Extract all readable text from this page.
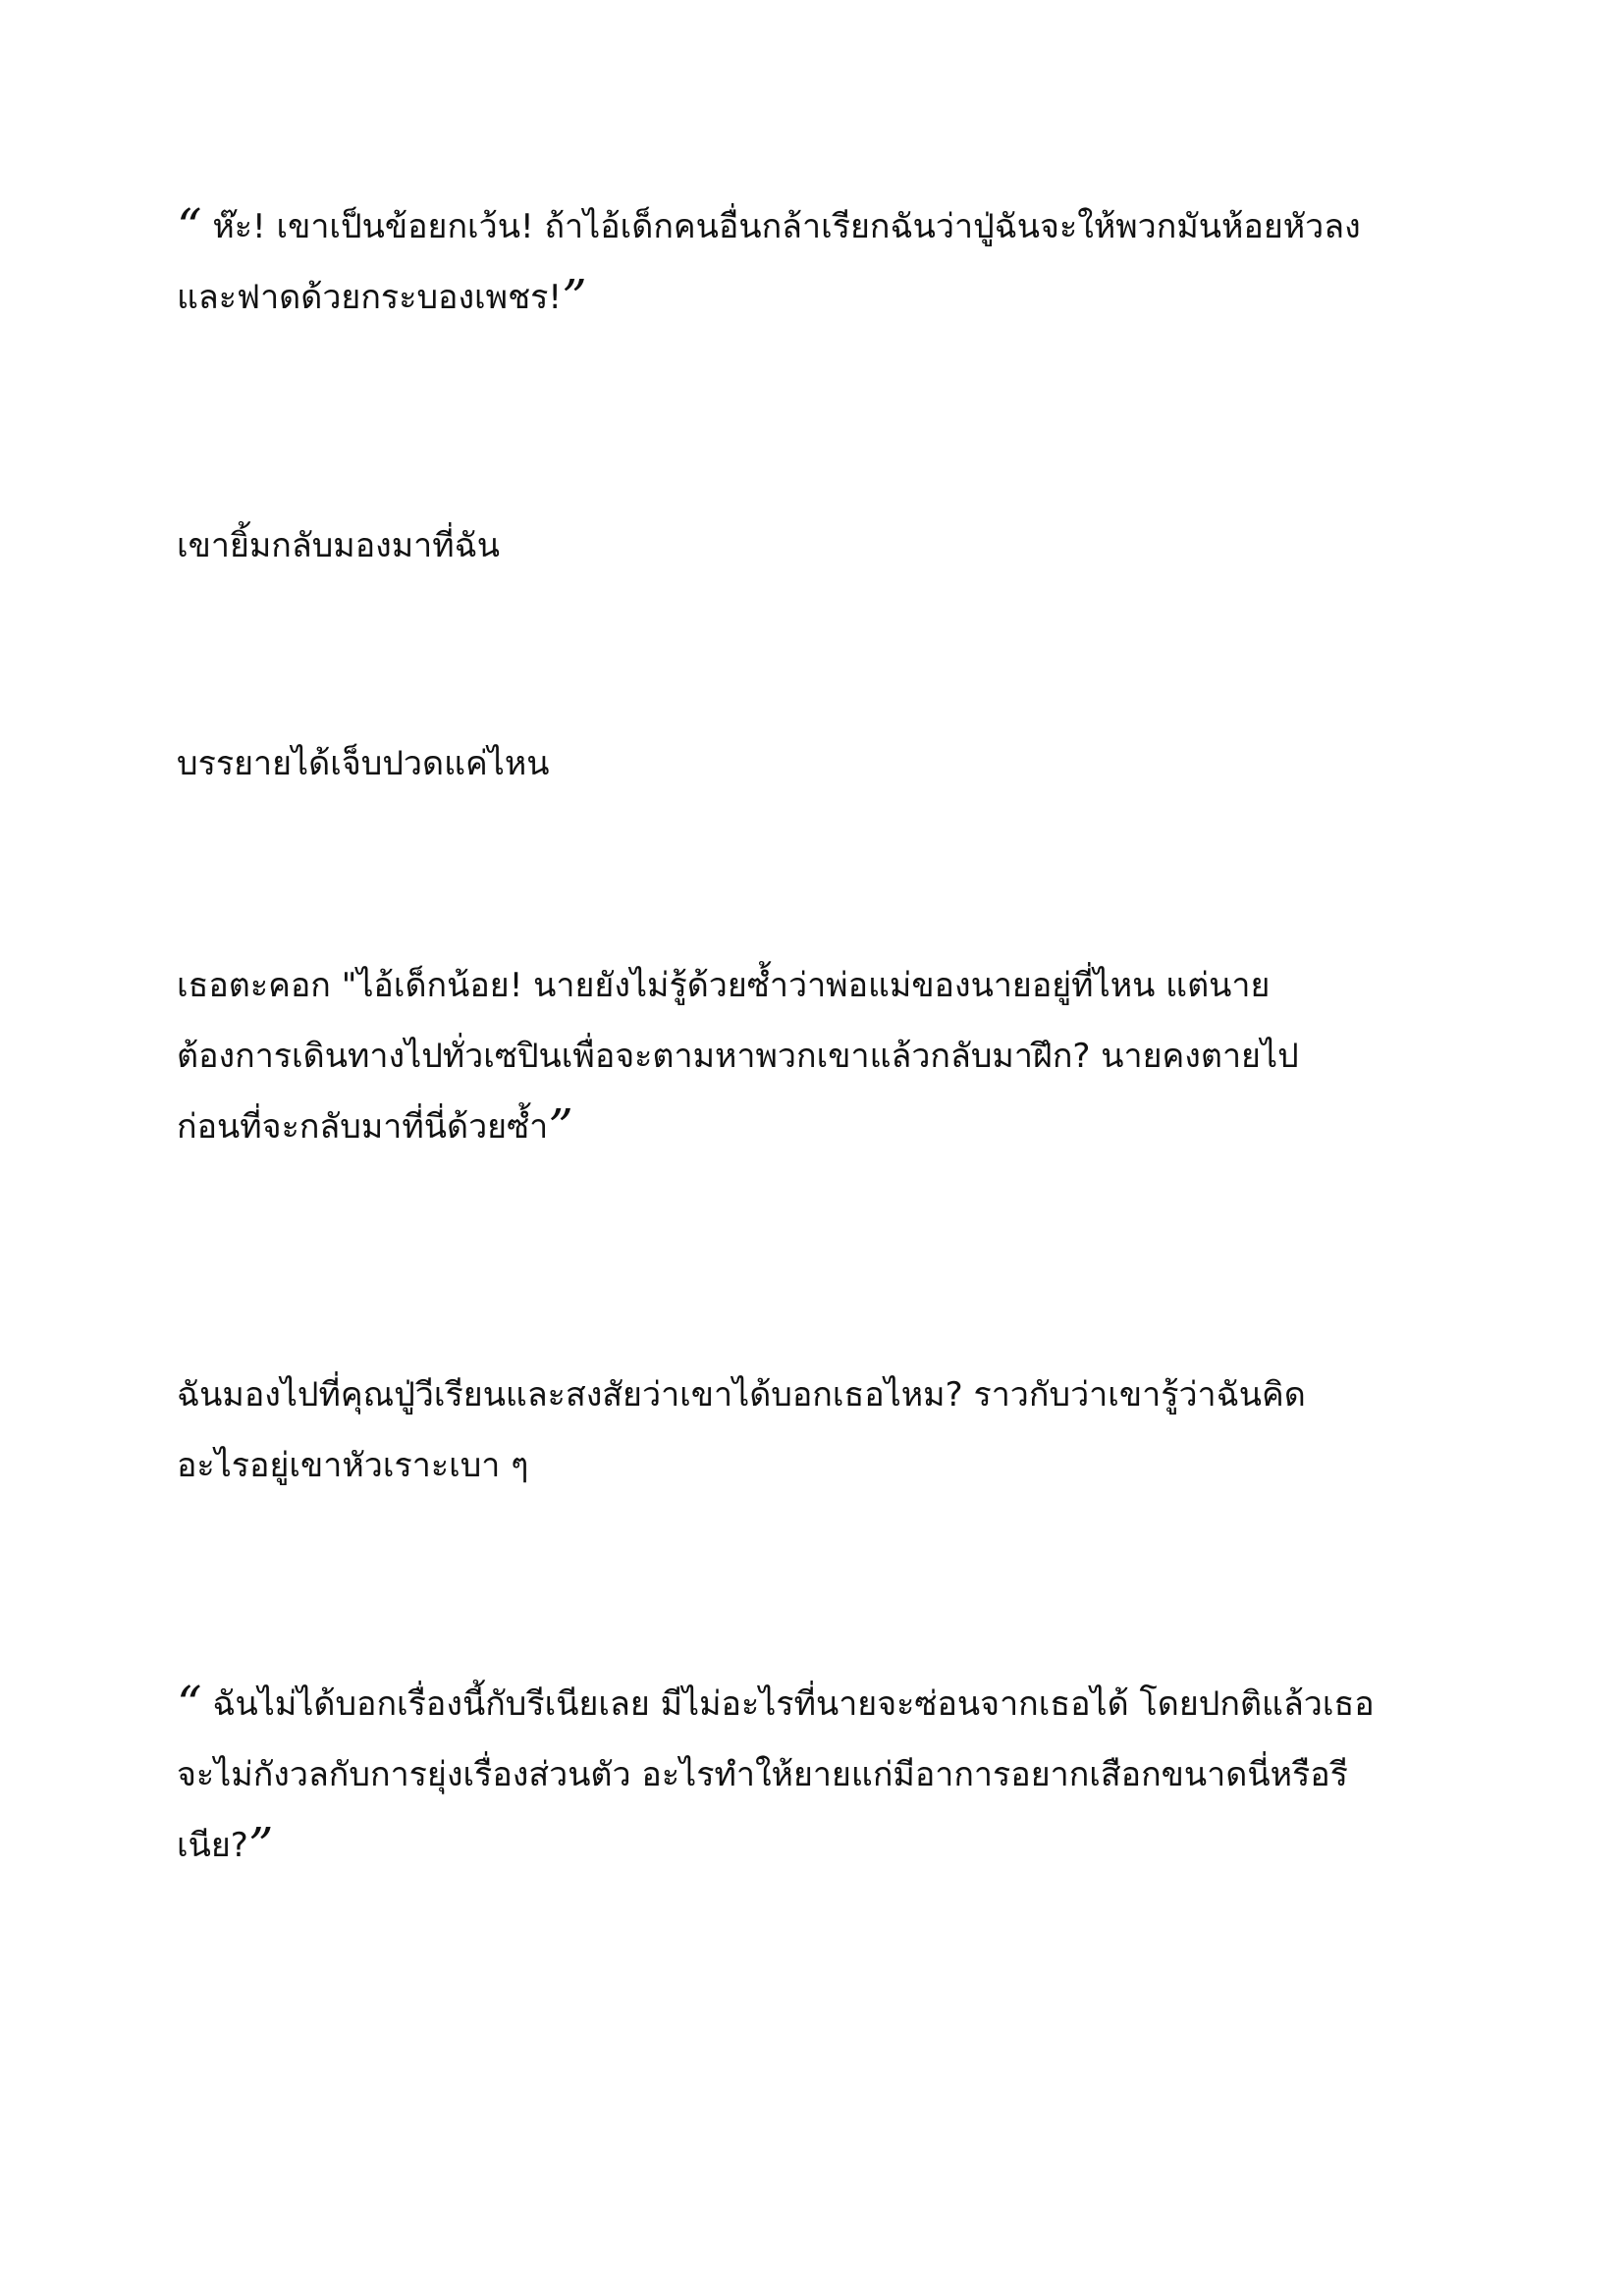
“ ห๊ะ! เขาเป็นข้อยกเว้น! ถ้าไอ้เด็กคนอื่นกล้าเรียกฉันว่าปู่ฉันจะให้พวกมันห้อยหัวลง
และฟาดด้วยกระบองเพชร!”

เขายิ้มกลับมองมาที่ฉัน

บรรยายได้เจ็บปวดแค่ไหน

เธอตะคอก "ไอ้เด็กน้อย! นายยังไม่รู้ด้วยซ้ำว่าพ่อแม่ของนายอยู่ที่ไหน แต่นาย
ต้องการเดินทางไปทั่วเซปินเพื่อจะตามหาพวกเขาแล้วกลับมาฝึก? นายคงตายไป
ก่อนที่จะกลับมาที่นี่ด้วยซ้ำ”

ฉันมองไปที่คุณปู่วีเรียนและสงสัยว่าเขาได้บอกเธอไหม? ราวกับว่าเขารู้ว่าฉันคิด
อะไรอยู่เขาหัวเราะเบา ๆ

“ ฉันไม่ได้บอกเรื่องนี้กับรีเนียเลย มีไม่อะไรที่นายจะซ่อนจากเธอได้ โดยปกติแล้วเธอ
จะไม่กังวลกับการยุ่งเรื่องส่วนตัว อะไรทำให้ยายแก่มีอาการอยากเสือกขนาดนี่หรือรี
เนีย?”
